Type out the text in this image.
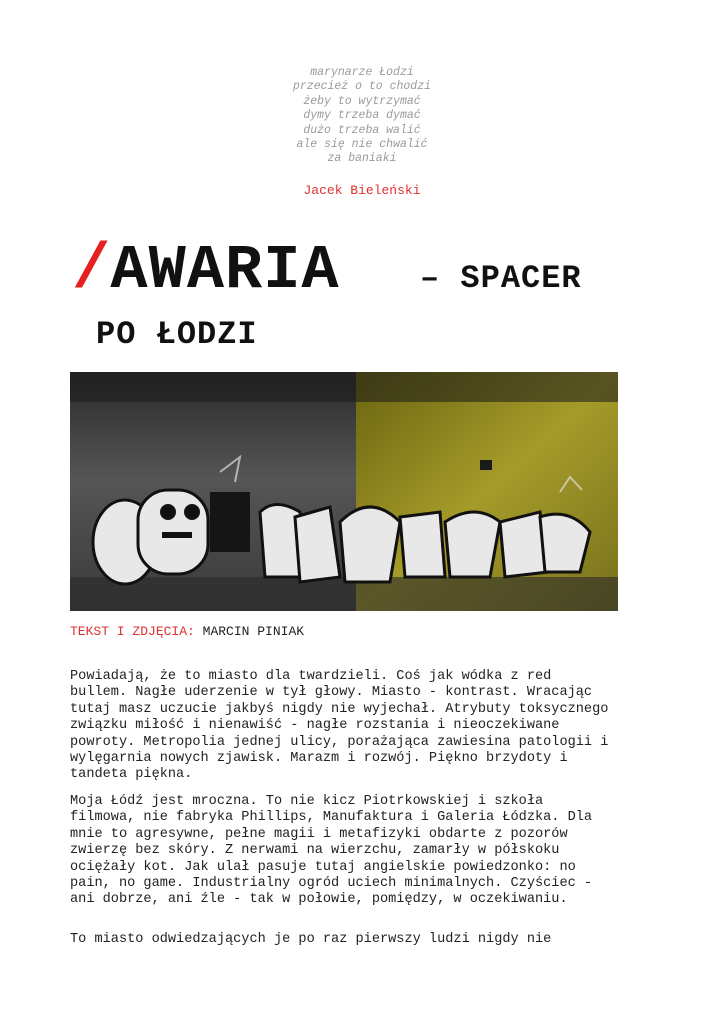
marynarze Łodzi
przecież o to chodzi
żeby to wytrzymać
dymy trzeba dymać
dużo trzeba walić
ale się nie chwalić
za baniaki
Jacek Bieleński
/AWARIA	– SPACER
PO ŁODZI
TEKST I ZDJĘCIA: MARCIN PINIAK
Powiadają, że to miasto dla twardzieli. Coś jak wódka z red
bullem. Nagłe uderzenie w tył głowy. Miasto - kontrast. Wracając
tutaj masz uczucie jakbyś nigdy nie wyjechał. Atrybuty toksycznego
związku miłość i nienawiść - nagłe rozstania i nieoczekiwane
powroty. Metropolia jednej ulicy, porażająca zawiesina patologii i
wylęgarnia nowych zjawisk. Marazm i rozwój. Piękno brzydoty i
tandeta piękna.
Moja Łódź jest mroczna. To nie kicz Piotrkowskiej i szkoła
filmowa, nie fabryka Phillips, Manufaktura i Galeria Łódzka. Dla
mnie to agresywne, pełne magii i metafizyki obdarte z pozorów
zwierzę bez skóry. Z nerwami na wierzchu, zamarły w półskoku
ociężały kot. Jak ulał pasuje tutaj angielskie powiedzonko: no
pain, no game. Industrialny ogród uciech minimalnych. Czyściec -
ani dobrze, ani źle - tak w połowie, pomiędzy, w oczekiwaniu.
To miasto odwiedzających je po raz pierwszy ludzi nigdy nie
